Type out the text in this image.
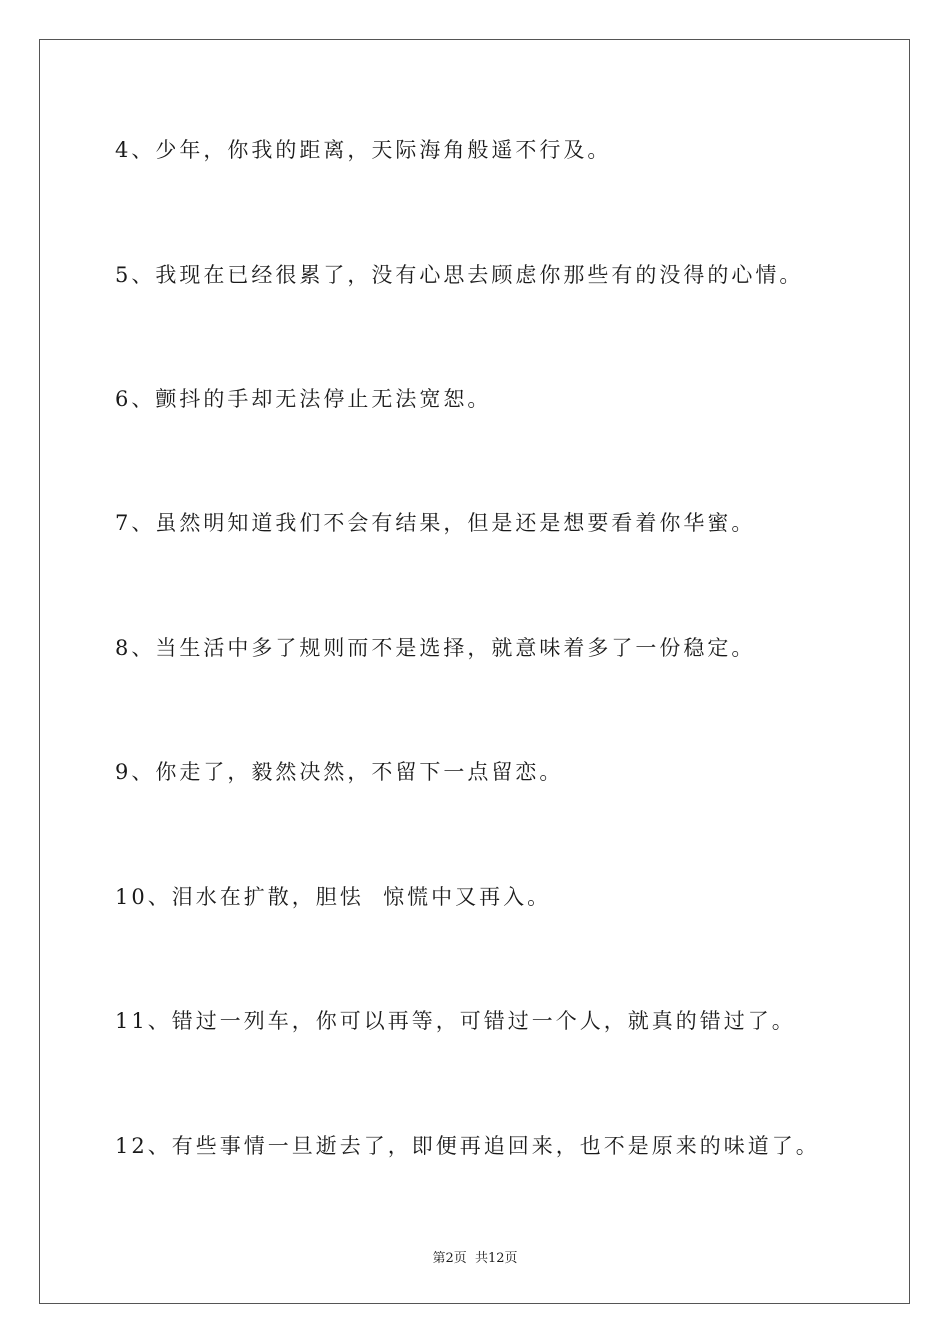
4、少年，你我的距离，天际海角般遥不行及。
5、我现在已经很累了，没有心思去顾虑你那些有的没得的心情。
6、颤抖的手却无法停止无法宽恕。
7、虽然明知道我们不会有结果，但是还是想要看着你华蜜。
8、当生活中多了规则而不是选择，就意味着多了一份稳定。
9、你走了，毅然决然，不留下一点留恋。
10、泪水在扩散，胆怯  惊慌中又再入。
11、错过一列车，你可以再等，可错过一个人，就真的错过了。
12、有些事情一旦逝去了，即便再追回来，也不是原来的味道了。
第2页  共12页
